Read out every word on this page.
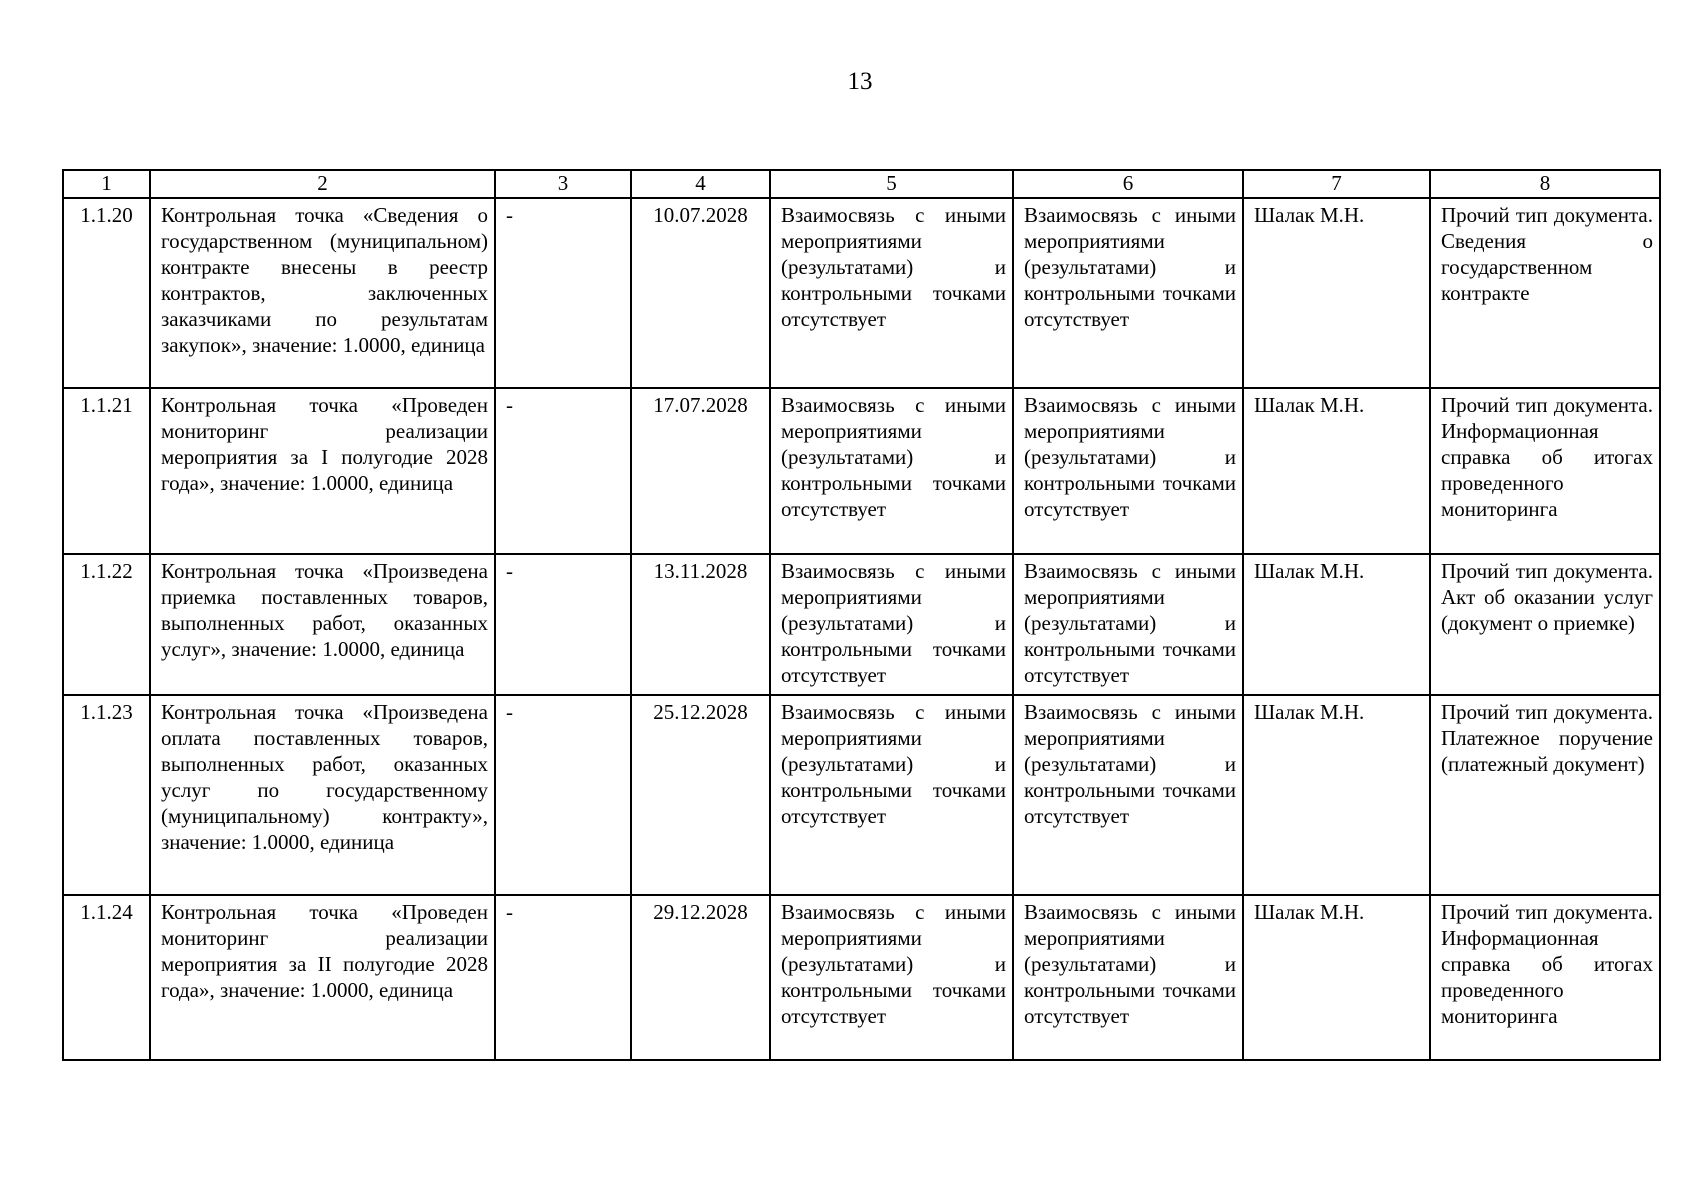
13
1	2	3	4	5	6	7	8
1.1.20	Контрольная точка «Сведения о государственном (муниципальном) контракте внесены в реестр контрактов, заключенных заказчиками по результатам закупок», значение: 1.0000, единица	-	10.07.2028	Взаимосвязь с иными мероприятиями (результатами) и контрольными точками отсутствует	Взаимосвязь с иными мероприятиями (результатами) и контрольными точками отсутствует	Шалак М.Н.	Прочий тип документа. Сведения о государственном контракте
1.1.21	Контрольная точка «Проведен мониторинг реализации мероприятия за I полугодие 2028 года», значение: 1.0000, единица	-	17.07.2028	Взаимосвязь с иными мероприятиями (результатами) и контрольными точками отсутствует	Взаимосвязь с иными мероприятиями (результатами) и контрольными точками отсутствует	Шалак М.Н.	Прочий тип документа. Информационная справка об итогах проведенного мониторинга
1.1.22	Контрольная точка «Произведена приемка поставленных товаров, выполненных работ, оказанных услуг», значение: 1.0000, единица	-	13.11.2028	Взаимосвязь с иными мероприятиями (результатами) и контрольными точками отсутствует	Взаимосвязь с иными мероприятиями (результатами) и контрольными точками отсутствует	Шалак М.Н.	Прочий тип документа. Акт об оказании услуг (документ о приемке)
1.1.23	Контрольная точка «Произведена оплата поставленных товаров, выполненных работ, оказанных услуг по государственному (муниципальному) контракту», значение: 1.0000, единица	-	25.12.2028	Взаимосвязь с иными мероприятиями (результатами) и контрольными точками отсутствует	Взаимосвязь с иными мероприятиями (результатами) и контрольными точками отсутствует	Шалак М.Н.	Прочий тип документа. Платежное поручение (платежный документ)
1.1.24	Контрольная точка «Проведен мониторинг реализации мероприятия за II полугодие 2028 года», значение: 1.0000, единица	-	29.12.2028	Взаимосвязь с иными мероприятиями (результатами) и контрольными точками отсутствует	Взаимосвязь с иными мероприятиями (результатами) и контрольными точками отсутствует	Шалак М.Н.	Прочий тип документа. Информационная справка об итогах проведенного мониторинга
